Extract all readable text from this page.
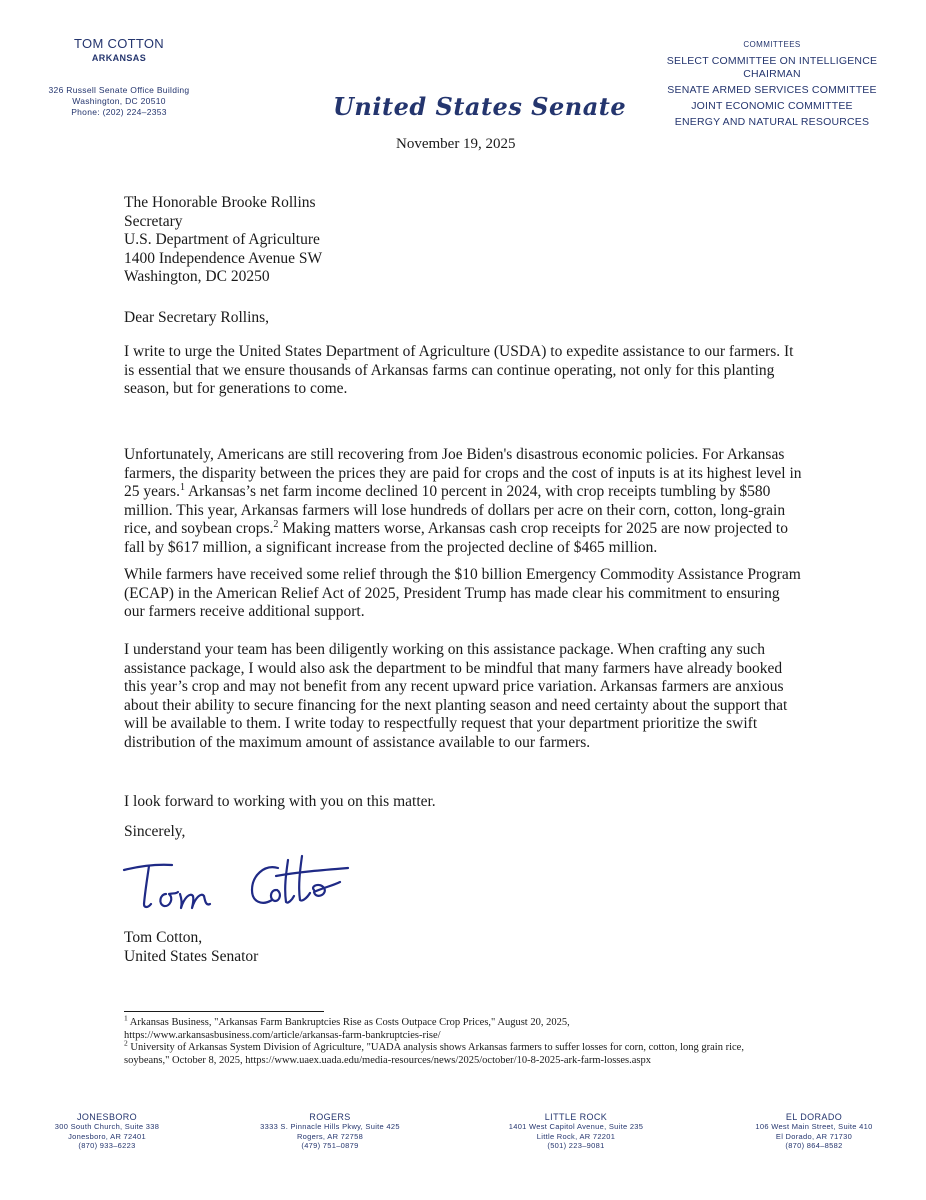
TOM COTTON
ARKANSAS
326 Russell Senate Office Building
Washington, DC 20510
Phone: (202) 224–2353	United States Senate
November 19, 2025
COMMITTEES
SELECT COMMITTEE ON INTELLIGENCE
CHAIRMAN
SENATE ARMED SERVICES COMMITTEE
JOINT ECONOMIC COMMITTEE
ENERGY AND NATURAL RESOURCES
The Honorable Brooke Rollins
Secretary
U.S. Department of Agriculture
1400 Independence Avenue SW
Washington, DC 20250
Dear Secretary Rollins,

I write to urge the United States Department of Agriculture (USDA) to expedite assistance to our farmers. It is essential that we ensure thousands of Arkansas farms can continue operating, not only for this planting season, but for generations to come.

Unfortunately, Americans are still recovering from Joe Biden's disastrous economic policies. For Arkansas farmers, the disparity between the prices they are paid for crops and the cost of inputs is at its highest level in 25 years.$^1$ Arkansas’s net farm income declined 10 percent in 2024, with crop receipts tumbling by $580 million. This year, Arkansas farmers will lose hundreds of dollars per acre on their corn, cotton, long-grain rice, and soybean crops.$^2$ Making matters worse, Arkansas cash crop receipts for 2025 are now projected to fall by $617 million, a significant increase from the projected decline of $465 million.

While farmers have received some relief through the $10 billion Emergency Commodity Assistance Program (ECAP) in the American Relief Act of 2025, President Trump has made clear his commitment to ensuring our farmers receive additional support.

I understand your team has been diligently working on this assistance package. When crafting any such assistance package, I would also ask the department to be mindful that many farmers have already booked this year’s crop and may not benefit from any recent upward price variation. Arkansas farmers are anxious about their ability to secure financing for the next planting season and need certainty about the support that will be available to them. I write today to respectfully request that your department prioritize the swift distribution of the maximum amount of assistance available to our farmers.

I look forward to working with you on this matter.
Sincerely,
Tom Cotton,
United States Senator
$^1$ Arkansas Business, "Arkansas Farm Bankruptcies Rise as Costs Outpace Crop Prices," August 20, 2025, https://www.arkansasbusiness.com/article/arkansas-farm-bankruptcies-rise/
$^2$ University of Arkansas System Division of Agriculture, "UADA analysis shows Arkansas farmers to suffer losses for corn, cotton, long grain rice, soybeans," October 8, 2025, https://www.uaex.uada.edu/media-resources/news/2025/october/10-8-2025-ark-farm-losses.aspx
JONESBORO
300 South Church, Suite 338
Jonesboro, AR 72401
(870) 933–6223
ROGERS
3333 S. Pinnacle Hills Pkwy, Suite 425
Rogers, AR 72758
(479) 751–0879
LITTLE ROCK
1401 West Capitol Avenue, Suite 235
Little Rock, AR 72201
(501) 223–9081
EL DORADO
106 West Main Street, Suite 410
El Dorado, AR 71730
(870) 864–8582
